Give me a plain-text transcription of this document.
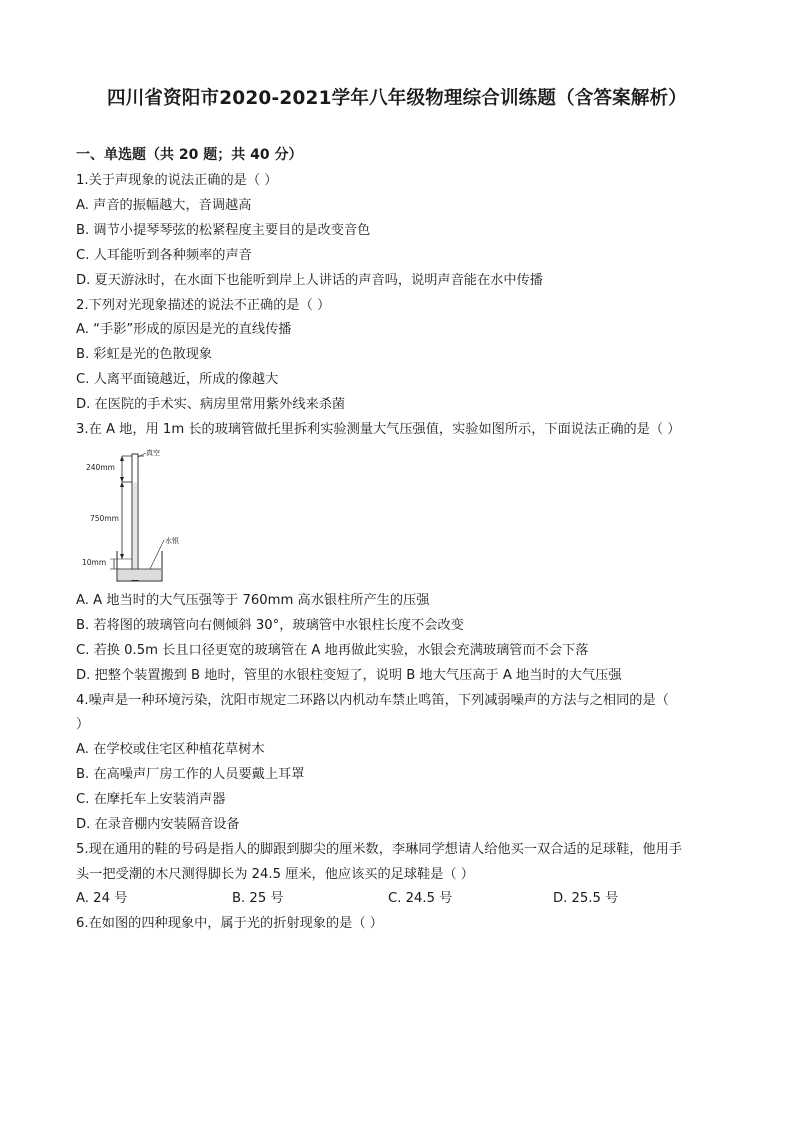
四川省资阳市2020-2021学年八年级物理综合训练题（含答案解析）
一、单选题（共 20 题；共 40 分）
1.关于声现象的说法正确的是（ ）
A. 声音的振幅越大，音调越高
B. 调节小提琴琴弦的松紧程度主要目的是改变音色
C. 人耳能听到各种频率的声音
D. 夏天游泳时，在水面下也能听到岸上人讲话的声音吗，说明声音能在水中传播
2.下列对光现象描述的说法不正确的是（ ）
A. “手影”形成的原因是光的直线传播
B. 彩虹是光的色散现象
C. 人离平面镜越近，所成的像越大
D. 在医院的手术实、病房里常用紫外线来杀菌
3.在 A 地，用 1m 长的玻璃管做托里拆利实验测量大气压强值，实验如图所示，下面说法正确的是（ ）
240mm
750mm
10mm
真空
水银
A. A 地当时的大气压强等于 760mm 高水银柱所产生的压强
B. 若将图的玻璃管向右侧倾斜 30°，玻璃管中水银柱长度不会改变
C. 若换 0.5m 长且口径更宽的玻璃管在 A 地再做此实验，水银会充满玻璃管而不会下落
D. 把整个装置搬到 B 地时，管里的水银柱变短了，说明 B 地大气压高于 A 地当时的大气压强
4.噪声是一种环境污染，沈阳市规定二环路以内机动车禁止鸣笛，下列减弱噪声的方法与之相同的是（
）
A. 在学校或住宅区种植花草树木
B. 在高噪声厂房工作的人员要戴上耳罩
C. 在摩托车上安装消声器
D. 在录音棚内安装隔音设备
5.现在通用的鞋的号码是指人的脚跟到脚尖的厘米数，李琳同学想请人给他买一双合适的足球鞋，他用手
头一把受潮的木尺测得脚长为 24.5 厘米，他应该买的足球鞋是（ ）
A. 24 号	B. 25 号	C. 24.5 号	D. 25.5 号
6.在如图的四种现象中，属于光的折射现象的是（ ）
